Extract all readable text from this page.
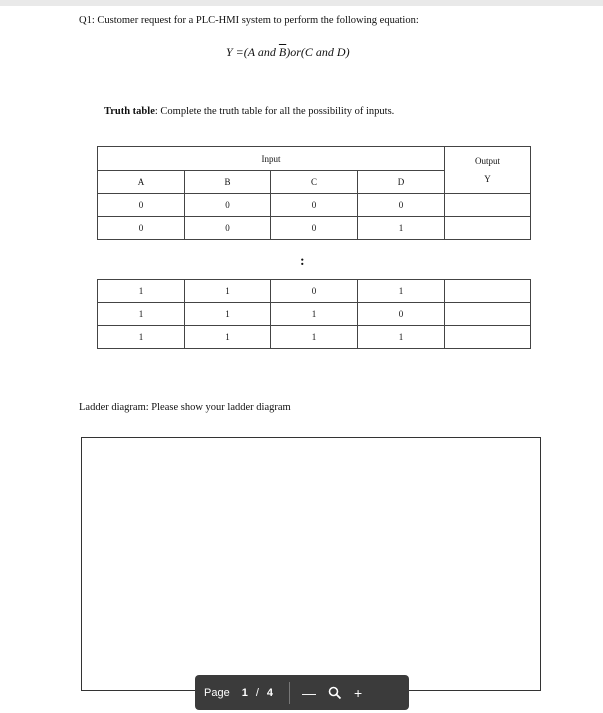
Q1: Customer request for a PLC-HMI system to perform the following equation:
Y =(A and $\overline{B})or(C$ and D)
Truth table: Complete the truth table for all the possibility of inputs.
Input				Output
Y

A	B	C	D	
0	0	0	0	
0	0	0	1	
:
1	1	0	1	
1	1	1	0	
1	1	1	1	
Ladder diagram: Please show your ladder diagram
Page 1 / 4 —	+
